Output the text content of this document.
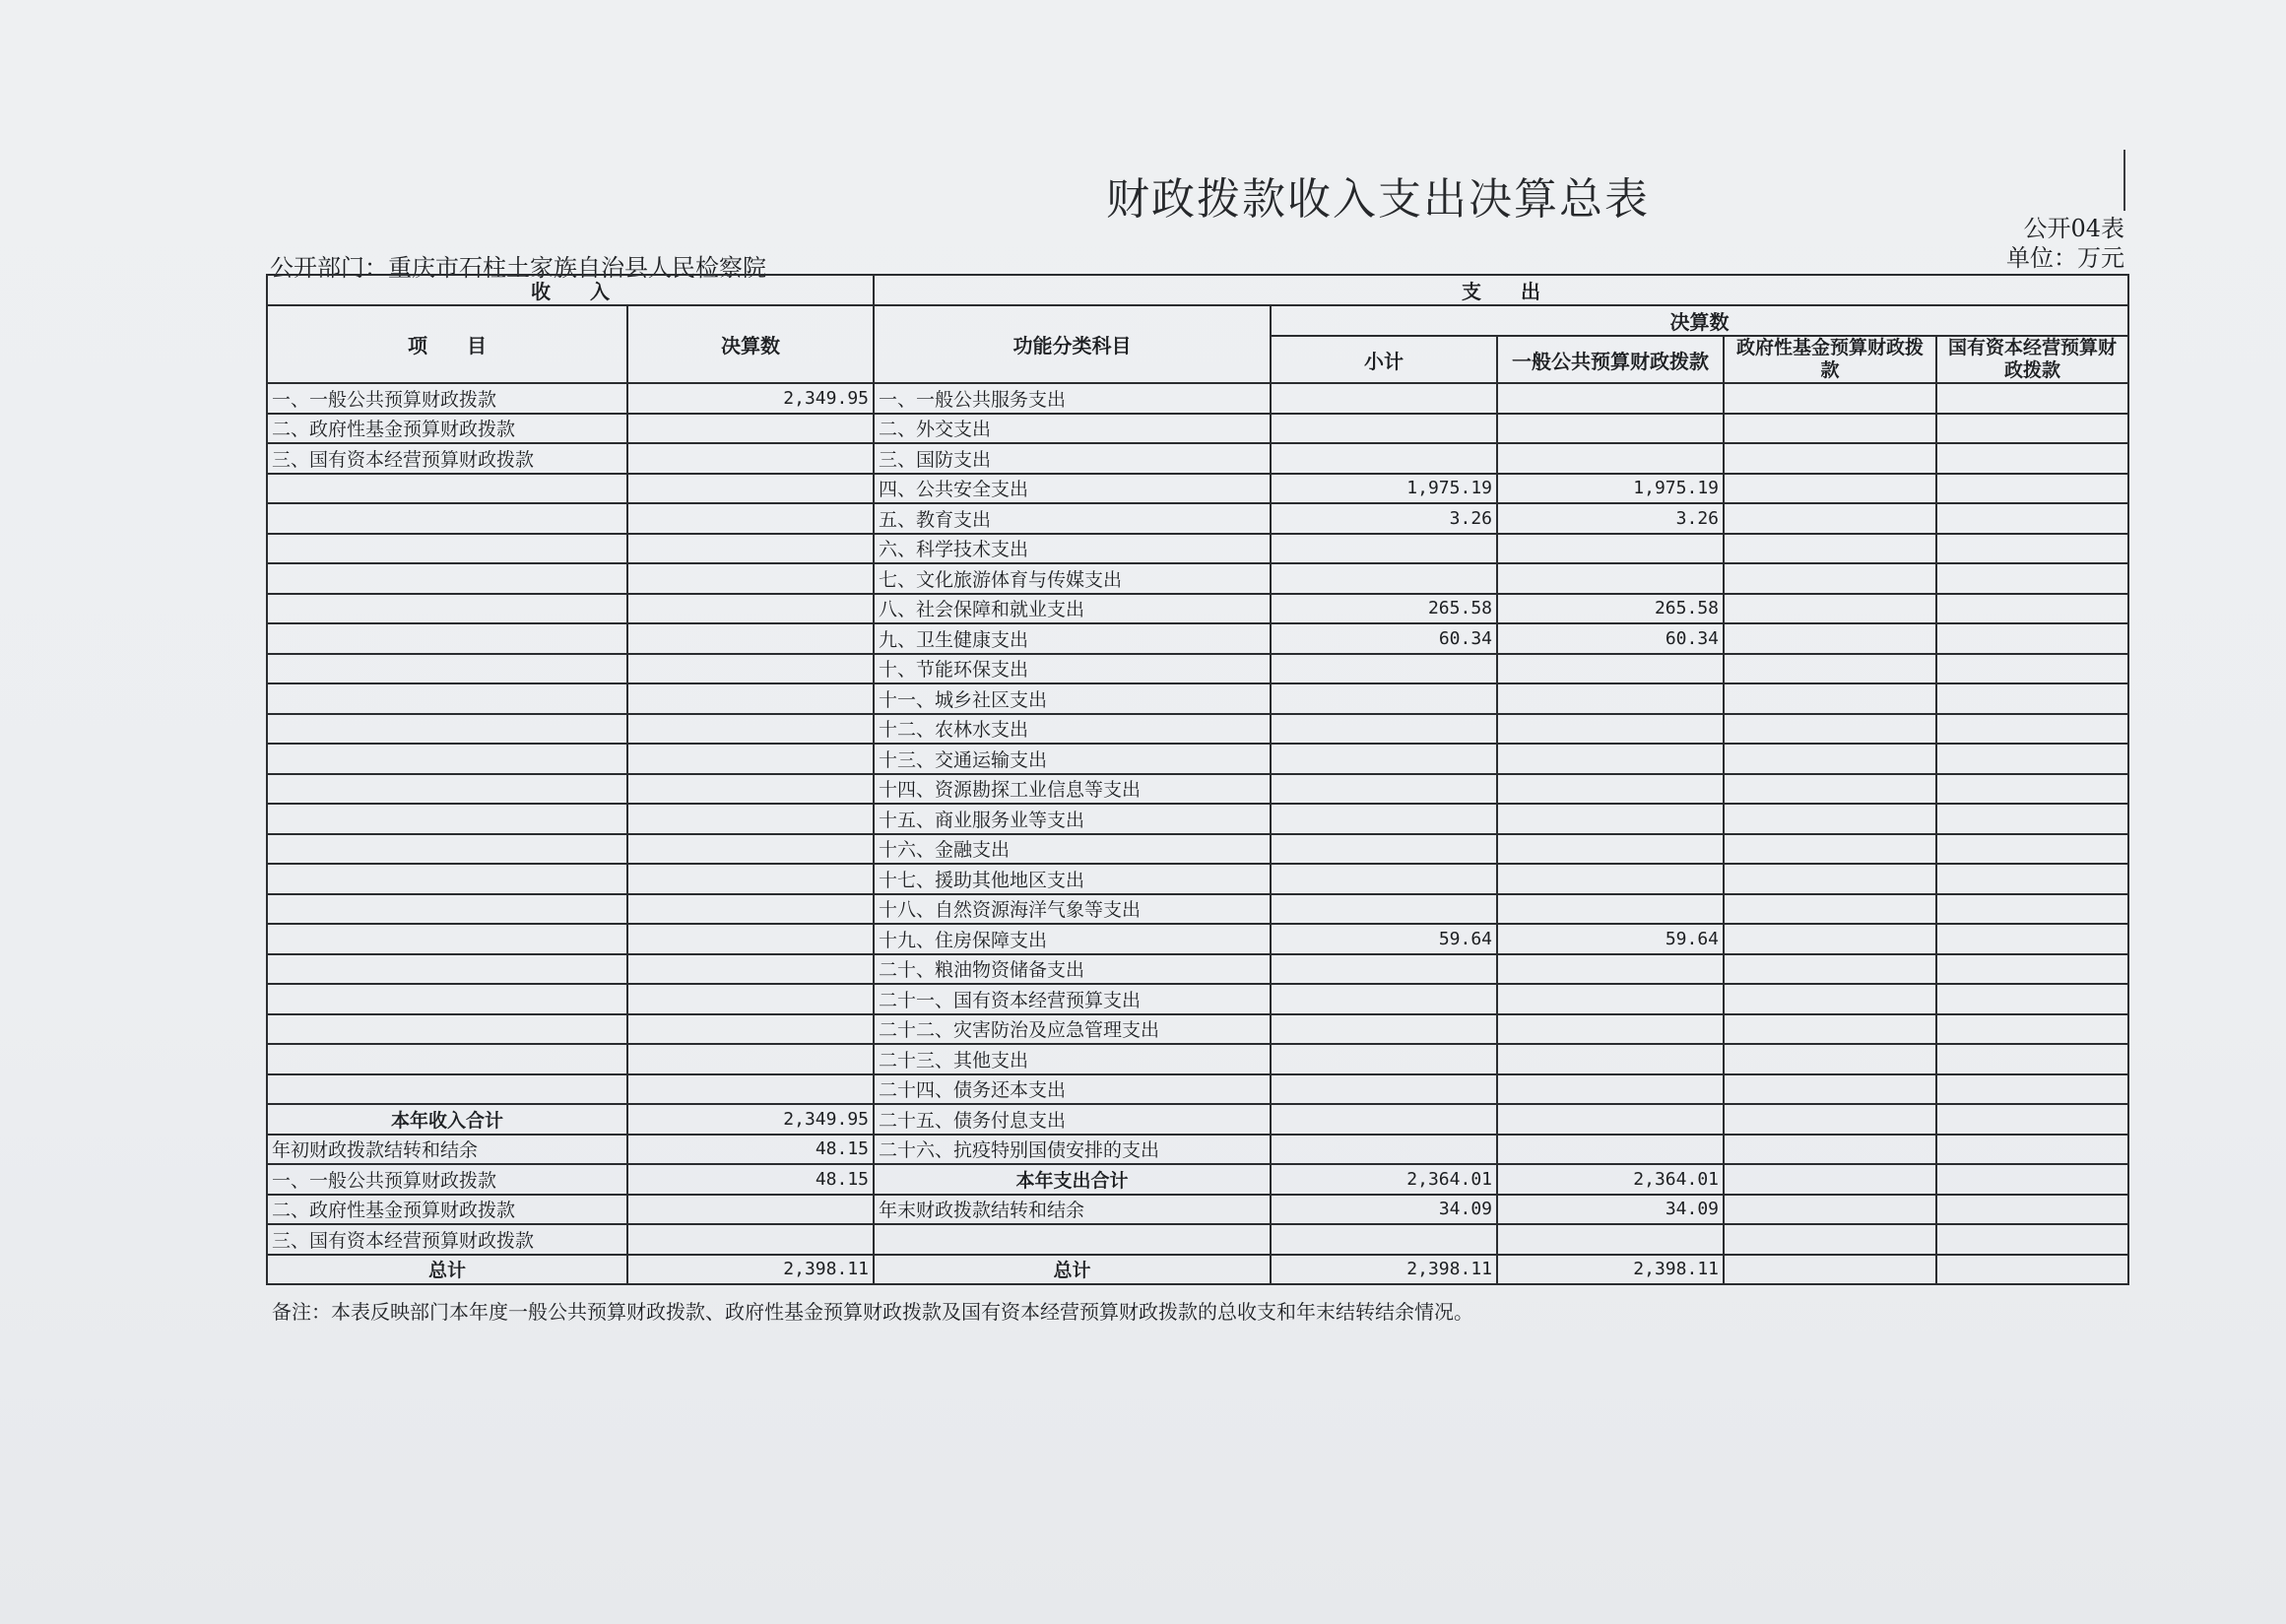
财政拨款收入支出决算总表
公开04表
单位：万元
公开部门：重庆市石柱土家族自治县人民检察院
收　　入		支　　出				
项　　目	决算数	功能分类科目	决算数			
			小计	一般公共预算财政拨款	政府性基金预算财政拨款	国有资本经营预算财政拨款

一、一般公共预算财政拨款	2,349.95	一、一般公共服务支出				
二、政府性基金预算财政拨款		二、外交支出				
三、国有资本经营预算财政拨款		三、国防支出				
		四、公共安全支出	1,975.19	1,975.19		
		五、教育支出	3.26	3.26		
		六、科学技术支出				
		七、文化旅游体育与传媒支出				
		八、社会保障和就业支出	265.58	265.58		
		九、卫生健康支出	60.34	60.34		
		十、节能环保支出				
		十一、城乡社区支出				
		十二、农林水支出				
		十三、交通运输支出				
		十四、资源勘探工业信息等支出				
		十五、商业服务业等支出				
		十六、金融支出				
		十七、援助其他地区支出				
		十八、自然资源海洋气象等支出				
		十九、住房保障支出	59.64	59.64		
		二十、粮油物资储备支出				
		二十一、国有资本经营预算支出				
		二十二、灾害防治及应急管理支出				
		二十三、其他支出				
		二十四、债务还本支出				
本年收入合计	2,349.95	二十五、债务付息支出				
年初财政拨款结转和结余	48.15	二十六、抗疫特别国债安排的支出				
一、一般公共预算财政拨款	48.15	本年支出合计	2,364.01	2,364.01		
二、政府性基金预算财政拨款		年末财政拨款结转和结余	34.09	34.09		
三、国有资本经营预算财政拨款						
总计	2,398.11	总计	2,398.11	2,398.11		
备注：本表反映部门本年度一般公共预算财政拨款、政府性基金预算财政拨款及国有资本经营预算财政拨款的总收支和年末结转结余情况。
